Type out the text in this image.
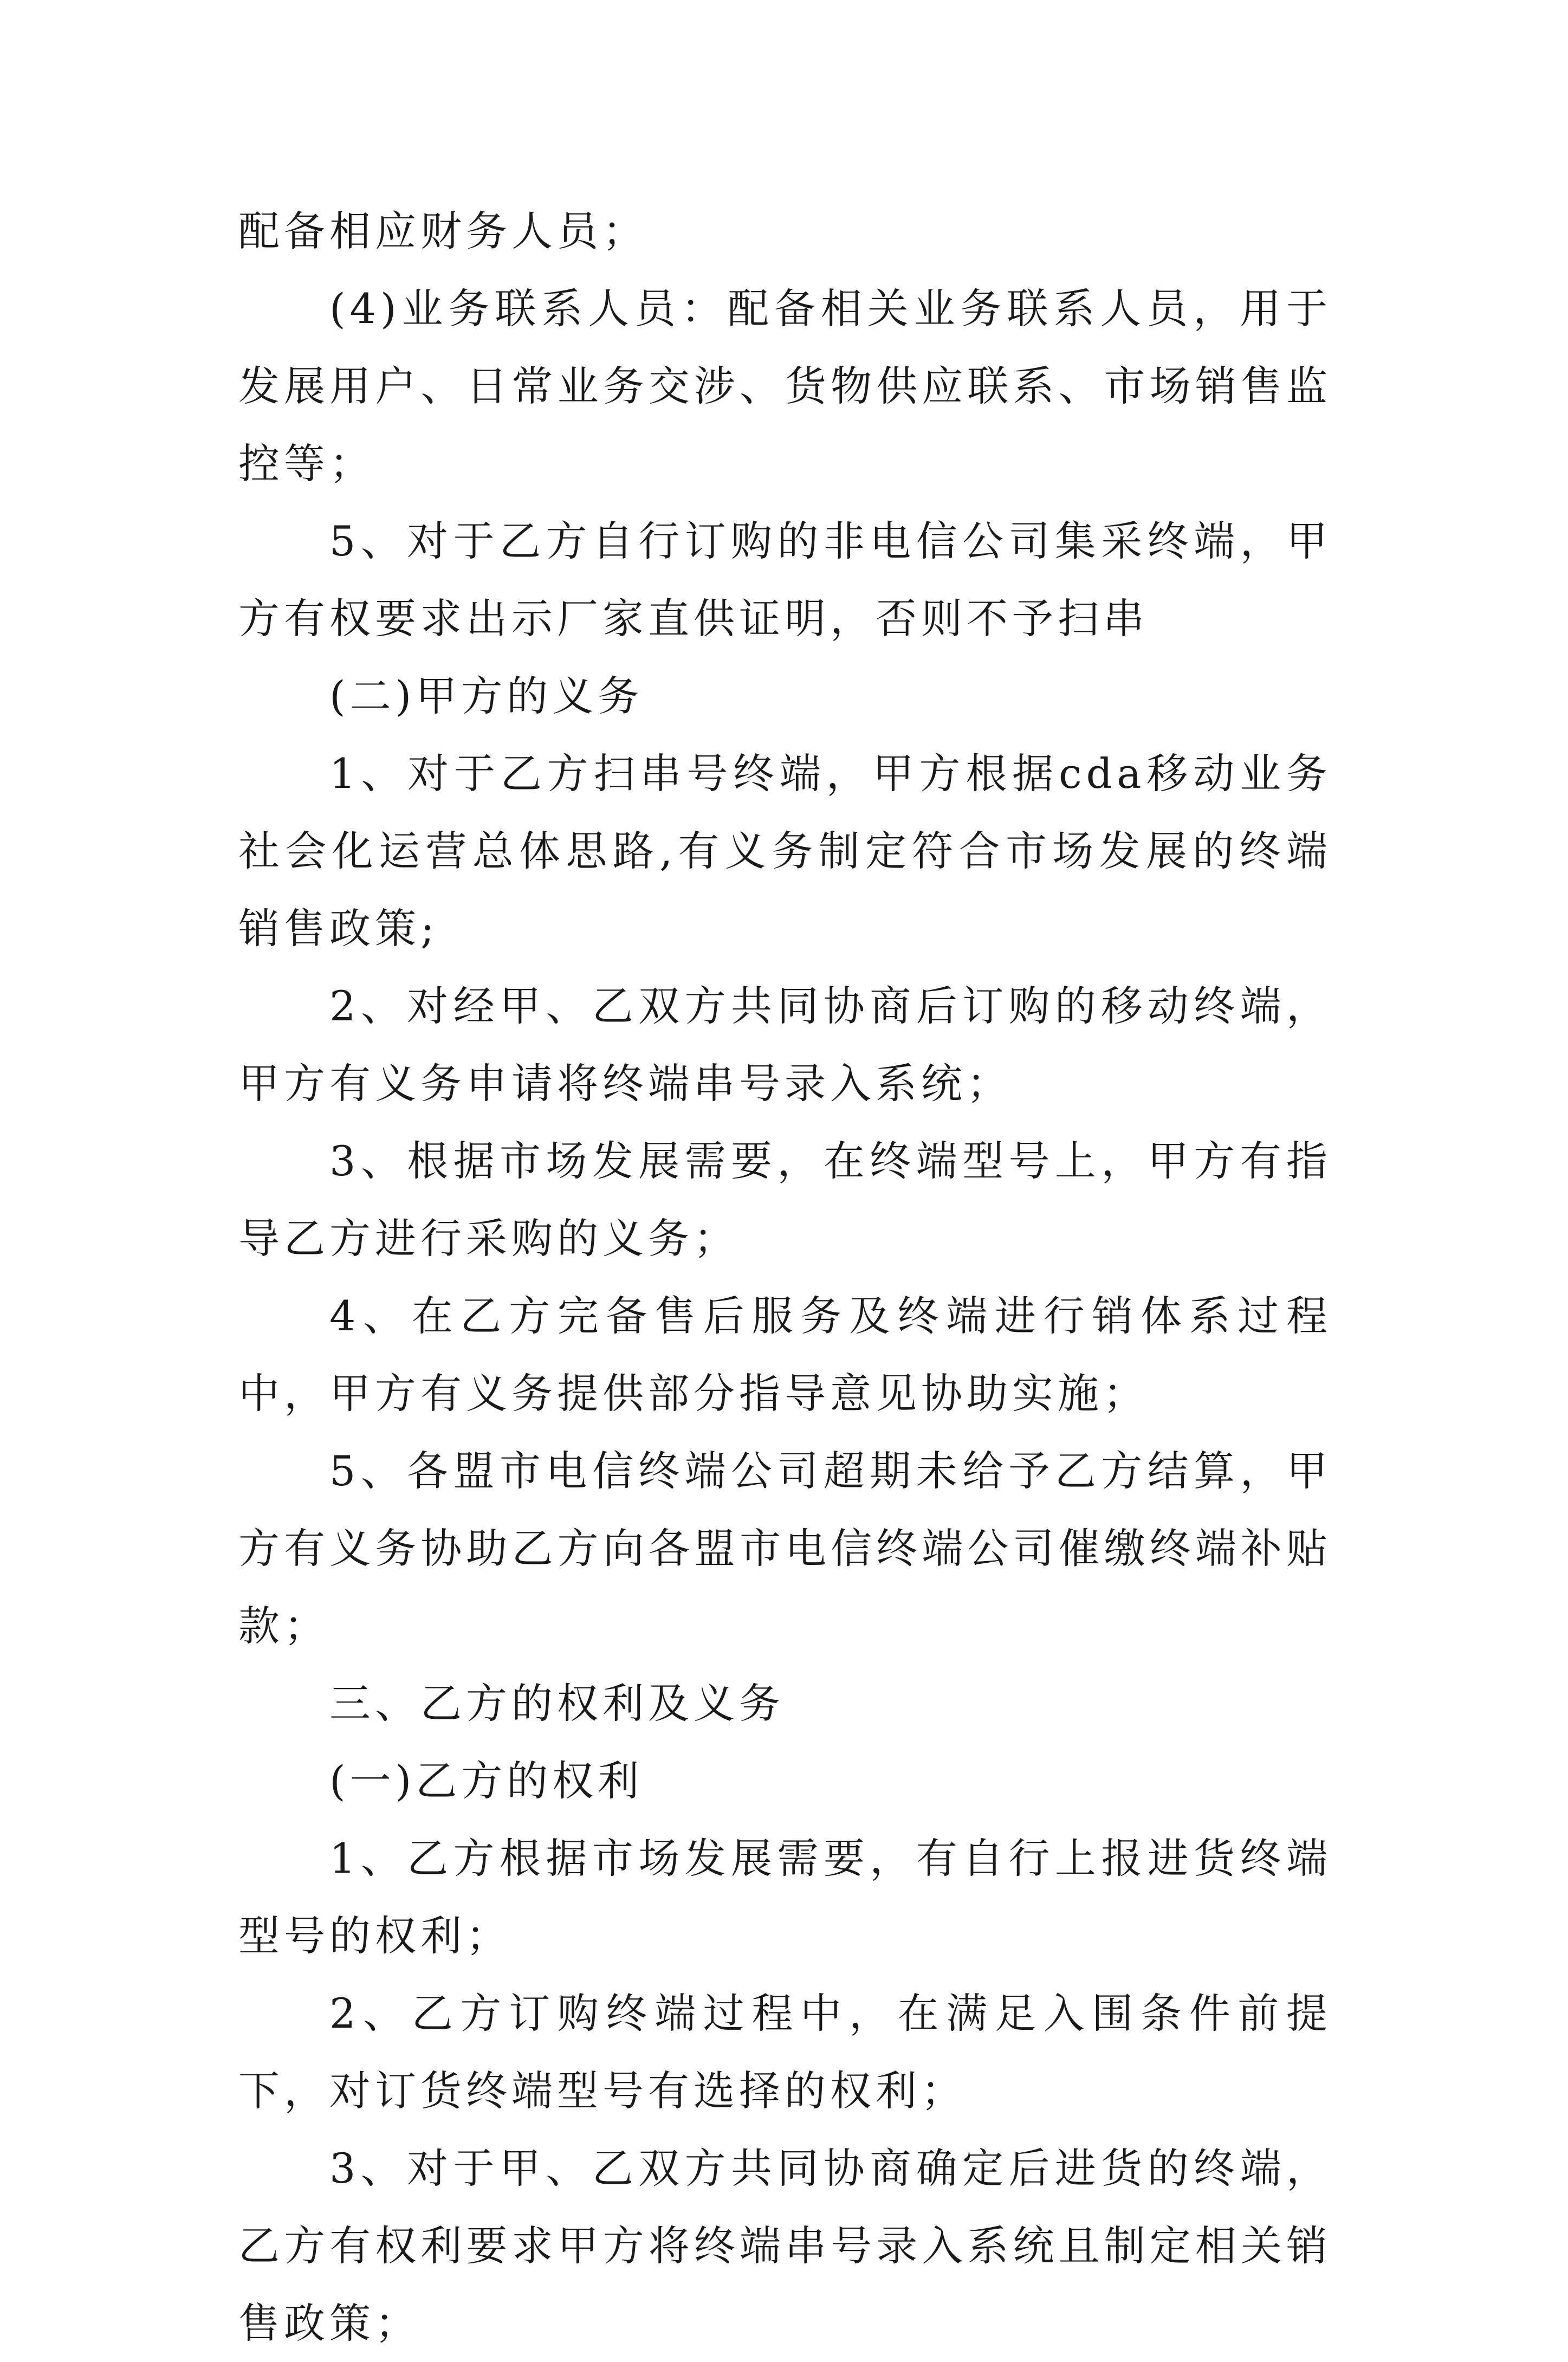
配备相应财务人员；

(4)业务联系人员：配备相关业务联系人员，用于发展用户、日常业务交涉、货物供应联系、市场销售监控等；

5、对于乙方自行订购的非电信公司集采终端，甲方有权要求出示厂家直供证明，否则不予扫串

(二)甲方的义务

1、对于乙方扫串号终端，甲方根据cda移动业务社会化运营总体思路,有义务制定符合市场发展的终端销售政策;

2、对经甲、乙双方共同协商后订购的移动终端，甲方有义务申请将终端串号录入系统；

3、根据市场发展需要，在终端型号上，甲方有指导乙方进行采购的义务；

4、在乙方完备售后服务及终端进行销体系过程中，甲方有义务提供部分指导意见协助实施；

5、各盟市电信终端公司超期未给予乙方结算，甲方有义务协助乙方向各盟市电信终端公司催缴终端补贴款；

三、乙方的权利及义务

(一)乙方的权利

1、乙方根据市场发展需要，有自行上报进货终端型号的权利；

2、乙方订购终端过程中，在满足入围条件前提下，对订货终端型号有选择的权利；

3、对于甲、乙双方共同协商确定后进货的终端，乙方有权利要求甲方将终端串号录入系统且制定相关销售政策；
